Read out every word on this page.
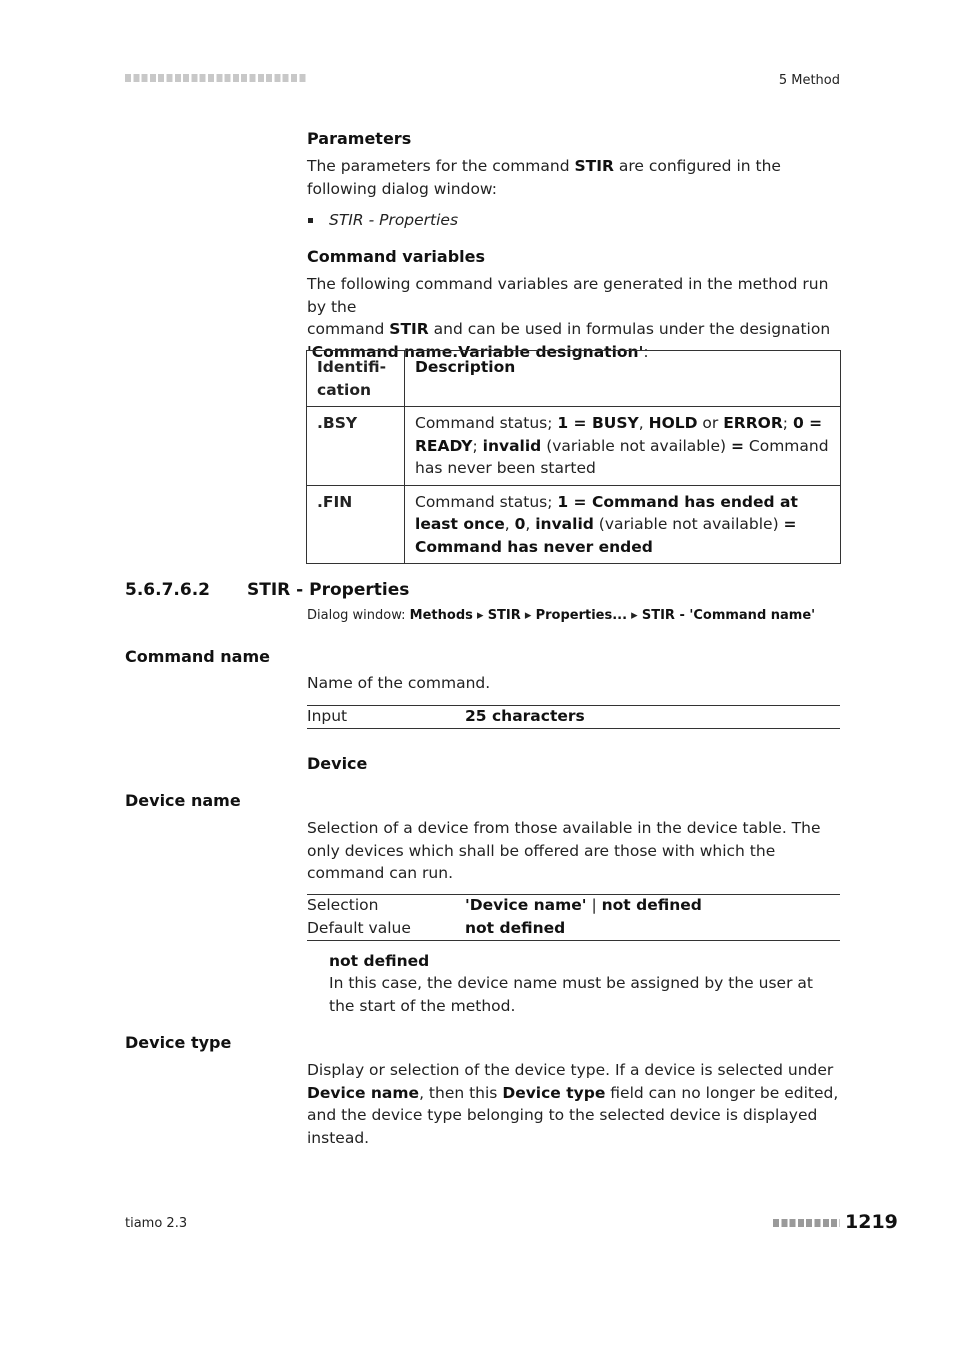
5 Method
Parameters
The parameters for the command STIR are configured in the following dialog window:
STIR - Properties
Command variables
The following command variables are generated in the method run by the
command STIR and can be used in formulas under the designation
'Command name.Variable designation':
Identifi-
cation	Description
.BSY	Command status; 1 = BUSY, HOLD or ERROR; 0 = READY; invalid (variable not available) = Command has never been started
.FIN	Command status; 1 = Command has ended at least once, 0, invalid (variable not available) = Command has never ended
5.6.7.6.2 STIR - Properties
Dialog window: Methods ▸ STIR ▸ Properties... ▸ STIR - 'Command name'
Command name
Name of the command.
Input	25 characters
Device
Device name
Selection of a device from those available in the device table. The only devices which shall be offered are those with which the command can run.
Selection	'Device name' | not defined
Default value	not defined
not defined
In this case, the device name must be assigned by the user at the start of the method.
Device type
Display or selection of the device type. If a device is selected under Device name, then this Device type field can no longer be edited, and the device type belonging to the selected device is displayed instead.
tiamo 2.3	1219
